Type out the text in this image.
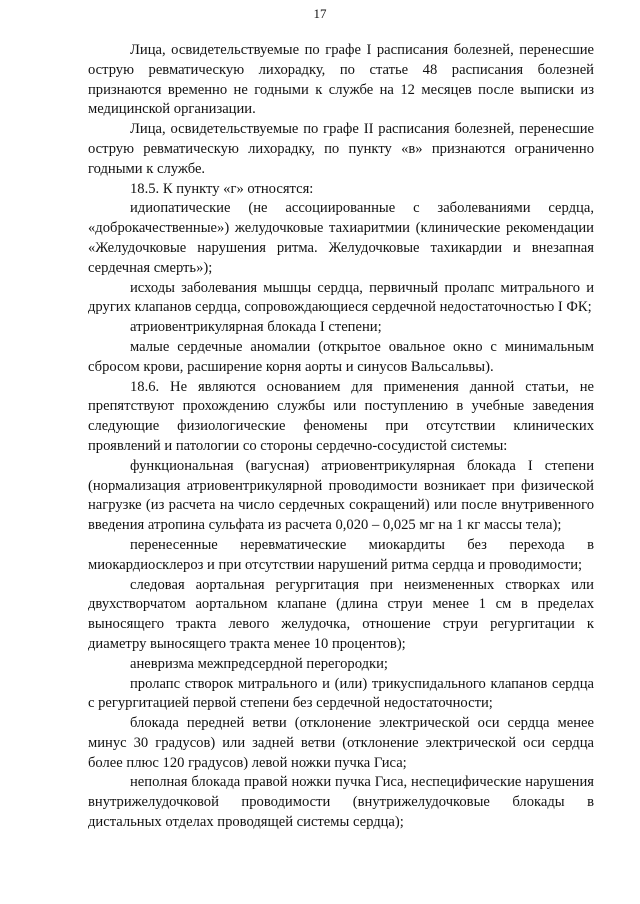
17

Лица, освидетельствуемые по графе I расписания болезней, перенесшие острую ревматическую лихорадку, по статье 48 расписания болезней признаются временно не годными к службе на 12 месяцев после выписки из медицинской организации.

Лица, освидетельствуемые по графе II расписания болезней, перенесшие острую ревматическую лихорадку, по пункту «в» признаются ограниченно годными к службе.

18.5. К пункту «г» относятся:

идиопатические (не ассоциированные с заболеваниями сердца, «доброкачественные») желудочковые тахиаритмии (клинические рекомендации «Желудочковые нарушения ритма. Желудочковые тахикардии и внезапная сердечная смерть»);

исходы заболевания мышцы сердца, первичный пролапс митрального и других клапанов сердца, сопровождающиеся сердечной недостаточностью I ФК;

атриовентрикулярная блокада I степени;

малые сердечные аномалии (открытое овальное окно с минимальным сбросом крови, расширение корня аорты и синусов Вальсальвы).

18.6. Не являются основанием для применения данной статьи, не препятствуют прохождению службы или поступлению в учебные заведения следующие физиологические феномены при отсутствии клинических проявлений и патологии со стороны сердечно-сосудистой системы:

функциональная (вагусная) атриовентрикулярная блокада I степени (нормализация атриовентрикулярной проводимости возникает при физической нагрузке (из расчета на число сердечных сокращений) или после внутривенного введения атропина сульфата из расчета 0,020 – 0,025 мг на 1 кг массы тела);

перенесенные неревматические миокардиты без перехода в миокардиосклероз и при отсутствии нарушений ритма сердца и проводимости;

следовая аортальная регургитация при неизмененных створках или двухстворчатом аортальном клапане (длина струи менее 1 см в пределах выносящего тракта левого желудочка, отношение струи регургитации к диаметру выносящего тракта менее 10 процентов);

аневризма межпредсердной перегородки;

пролапс створок митрального и (или) трикуспидального клапанов сердца с регургитацией первой степени без сердечной недостаточности;

блокада передней ветви (отклонение электрической оси сердца менее минус 30 градусов) или задней ветви (отклонение электрической оси сердца более плюс 120 градусов) левой ножки пучка Гиса;

неполная блокада правой ножки пучка Гиса, неспецифические нарушения внутрижелудочковой проводимости (внутрижелудочковые блокады в дистальных отделах проводящей системы сердца);
